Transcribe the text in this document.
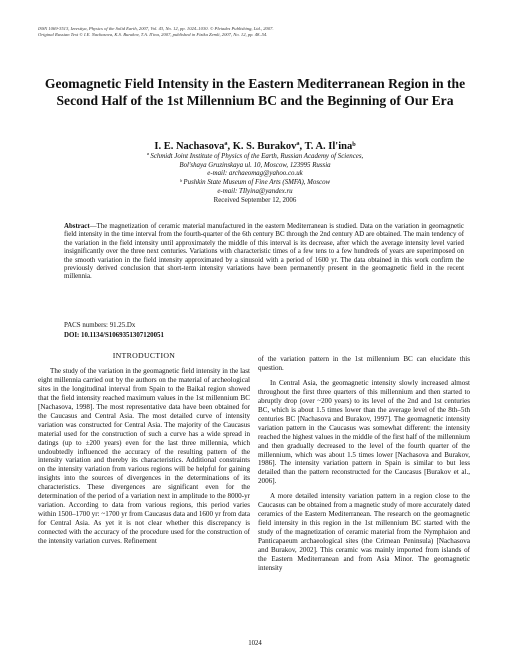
ISSN 1069-3513, Izvestiya, Physics of the Solid Earth, 2007, Vol. 43, No. 12, pp. 1024–1030. © Pleiades Publishing, Ltd., 2007.
Original Russian Text © I.E. Nachasova, K.S. Burakov, T.A. Il'ina, 2007, published in Fizika Zemli, 2007, No. 12, pp. 48–54.
Geomagnetic Field Intensity in the Eastern Mediterranean Region in the Second Half of the 1st Millennium BC and the Beginning of Our Era
I. E. Nachasovaª, K. S. Burakovª, T. A. Il'inaᵇ
ª Schmidt Joint Institute of Physics of the Earth, Russian Academy of Sciences,
Bol'shaya Gruzinskaya ul. 10, Moscow, 123995 Russia
e-mail: archaeomag@yahoo.co.uk
ᵇ Pushkin State Museum of Fine Arts (SMFA), Moscow
e-mail: TIlyina@yandex.ru
Received September 12, 2006
Abstract—The magnetization of ceramic material manufactured in the eastern Mediterranean is studied. Data on the variation in geomagnetic field intensity in the time interval from the fourth-quarter of the 6th century BC through the 2nd century AD are obtained. The main tendency of the variation in the field intensity until approximately the middle of this interval is its decrease, after which the average intensity level varied insignificantly over the three next centuries. Variations with characteristic times of a few tens to a few hundreds of years are superimposed on the smooth variation in the field intensity approximated by a sinusoid with a period of 1600 yr. The data obtained in this work confirm the previously derived conclusion that short-term intensity variations have been permanently present in the geomagnetic field in the recent millennia.
PACS numbers: 91.25.Dx
DOI: 10.1134/S1069351307120051

INTRODUCTION

The study of the variation in the geomagnetic field intensity in the last eight millennia carried out by the authors on the material of archeological sites in the longitudinal interval from Spain to the Baikal region showed that the field intensity reached maximum values in the 1st millennium BC [Nachasova, 1998]. The most representative data have been obtained for the Caucasus and Central Asia. The most detailed curve of intensity variation was constructed for Central Asia. The majority of the Caucasus material used for the construction of such a curve has a wide spread in datings (up to ±200 years) even for the last three millennia, which undoubtedly influenced the accuracy of the resulting pattern of the intensity variation and thereby its characteristics. Additional constraints on the intensity variation from various regions will be helpful for gaining insights into the sources of divergences in the determinations of its characteristics. These divergences are significant even for the determination of the period of a variation next in amplitude to the 8000-yr variation. According to data from various regions, this period varies within 1500–1700 yr: ~1700 yr from Caucasus data and 1600 yr from data for Central Asia. As yet it is not clear whether this discrepancy is connected with the accuracy of the procedure used for the construction of the intensity variation curves. Refinement

of the variation pattern in the 1st millennium BC can elucidate this question.

In Central Asia, the geomagnetic intensity slowly increased almost throughout the first three quarters of this millennium and then started to abruptly drop (over ~200 years) to its level of the 2nd and 1st centuries BC, which is about 1.5 times lower than the average level of the 8th–5th centuries BC [Nachasova and Burakov, 1997]. The geomagnetic intensity variation pattern in the Caucasus was somewhat different: the intensity reached the highest values in the middle of the first half of the millennium and then gradually decreased to the level of the fourth quarter of the millennium, which was about 1.5 times lower [Nachasova and Burakov, 1986]. The intensity variation pattern in Spain is similar to but less detailed than the pattern reconstructed for the Caucasus [Burakov et al., 2006].

A more detailed intensity variation pattern in a region close to the Caucasus can be obtained from a magnetic study of more accurately dated ceramics of the Eastern Mediterranean. The research on the geomagnetic field intensity in this region in the 1st millennium BC started with the study of the magnetization of ceramic material from the Nymphaion and Panticapaeum archaeological sites (the Crimean Peninsula) [Nachasova and Burakov, 2002]. This ceramic was mainly imported from islands of the Eastern Mediterranean and from Asia Minor. The geomagnetic intensity

1024
